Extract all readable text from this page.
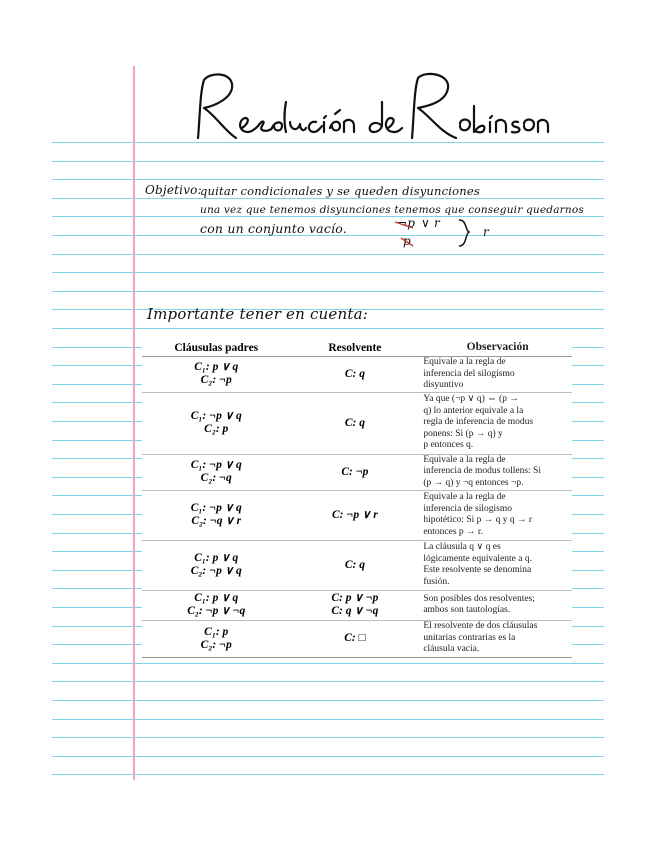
Objetivo:
quitar condicionales y se queden disyunciones
una vez que tenemos disyunciones tenemos que conseguir quedarnos
con un conjunto vacío.	¬p ∨ r
p
r
Importante tener en cuenta:
Cláusulas padres	Resolvente	Observación

C₁: p ∨ q
C₂: ¬p	C: q	Equivale a la regla de
inferencia del silogismo
disyuntivo

C₁: ¬p ∨ q
C₂: p	C: q	Ya que (¬p ∨ q) ⇔ (p →
q) lo anterior equivale a la
regla de inferencia de modus
ponens: Si (p → q) y
p entonces q.

C₁: ¬p ∨ q
C₂: ¬q	C: ¬p	Equivale a la regla de
inferencia de modus tollens: Si
(p → q) y ¬q entonces ¬p.

C₁: ¬p ∨ q
C₂: ¬q ∨ r	C: ¬p ∨ r	Equivale a la regla de
inferencia de silogismo
hipotético: Si p → q y q → r
entonces p → r.

C₁: p ∨ q
C₂: ¬p ∨ q	C: q	La cláusula q ∨ q es
lógicamente equivalente a q.
Este resolvente se denomina
fusión.

C₁: p ∨ q
C₂: ¬p ∨ ¬q	C: p ∨ ¬p
C: q ∨ ¬q	Son posibles dos resolventes;
ambos son tautologías.

C₁: p
C₂: ¬p	C: □	El resolvente de dos cláusulas
unitarias contrarias es la
cláusula vacía.
